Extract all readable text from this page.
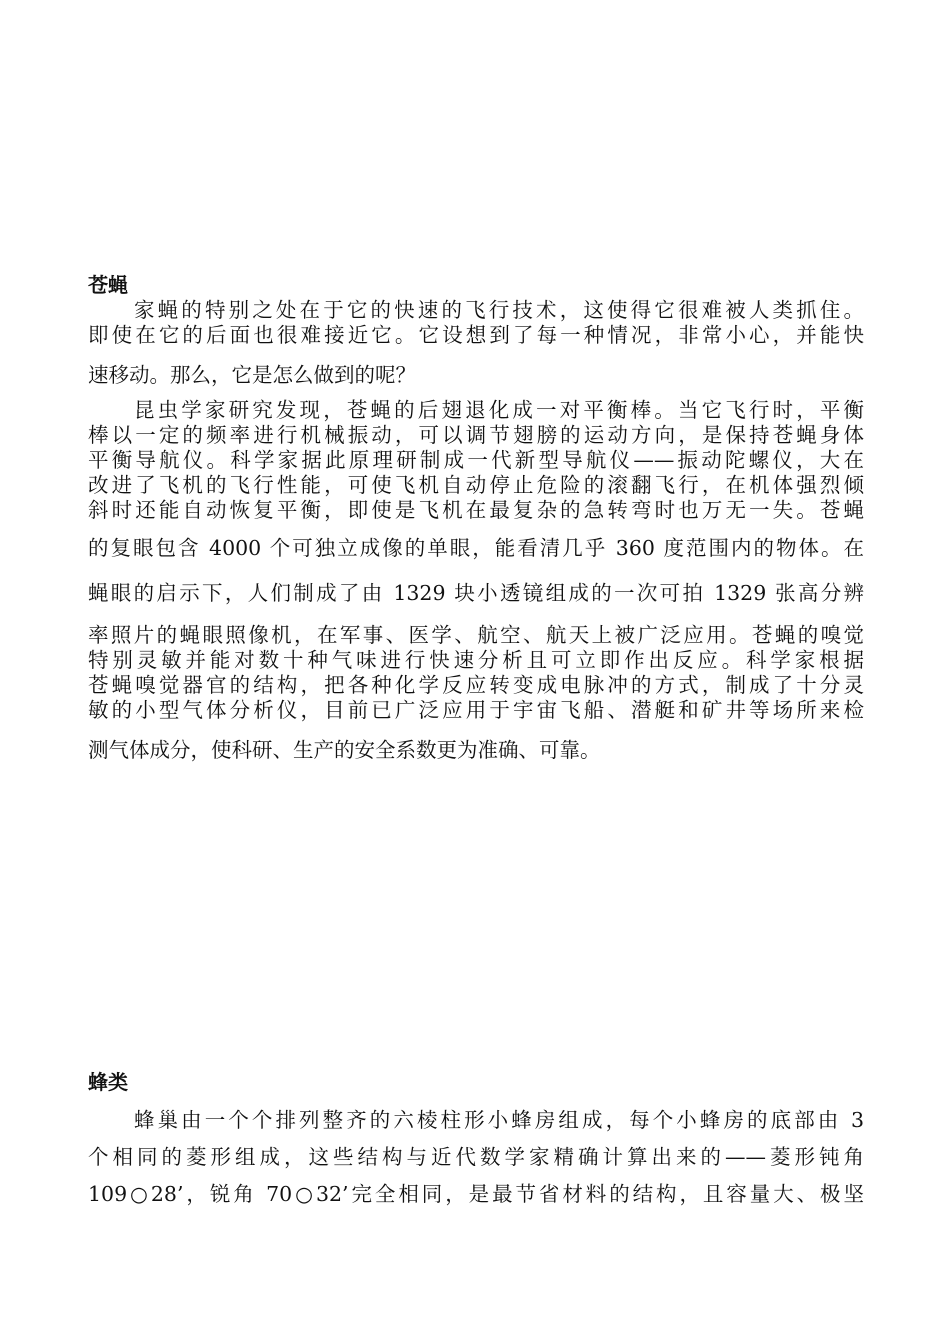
苍蝇
家蝇的特别之处在于它的快速的飞行技术，这使得它很难被人类抓住。
即使在它的后面也很难接近它。它设想到了每一种情况，非常小心，并能快
速移动。那么，它是怎么做到的呢？
昆虫学家研究发现，苍蝇的后翅退化成一对平衡棒。当它飞行时，平衡
棒以一定的频率进行机械振动，可以调节翅膀的运动方向，是保持苍蝇身体
平衡导航仪。科学家据此原理研制成一代新型导航仪——振动陀螺仪，大在
改进了飞机的飞行性能，可使飞机自动停止危险的滚翻飞行，在机体强烈倾
斜时还能自动恢复平衡，即使是飞机在最复杂的急转弯时也万无一失。苍蝇
的复眼包含 4000 个可独立成像的单眼，能看清几乎 360 度范围内的物体。在
蝇眼的启示下，人们制成了由 1329 块小透镜组成的一次可拍 1329 张高分辨
率照片的蝇眼照像机，在军事、医学、航空、航天上被广泛应用。苍蝇的嗅觉
特别灵敏并能对数十种气味进行快速分析且可立即作出反应。科学家根据
苍蝇嗅觉器官的结构，把各种化学反应转变成电脉冲的方式，制成了十分灵
敏的小型气体分析仪，目前已广泛应用于宇宙飞船、潜艇和矿井等场所来检
测气体成分，使科研、生产的安全系数更为准确、可靠。
蜂类
蜂巢由一个个排列整齐的六棱柱形小蜂房组成，每个小蜂房的底部由 3
个相同的菱形组成，这些结构与近代数学家精确计算出来的——菱形钝角
109○28’，锐角 70○32’完全相同，是最节省材料的结构，且容量大、极坚
